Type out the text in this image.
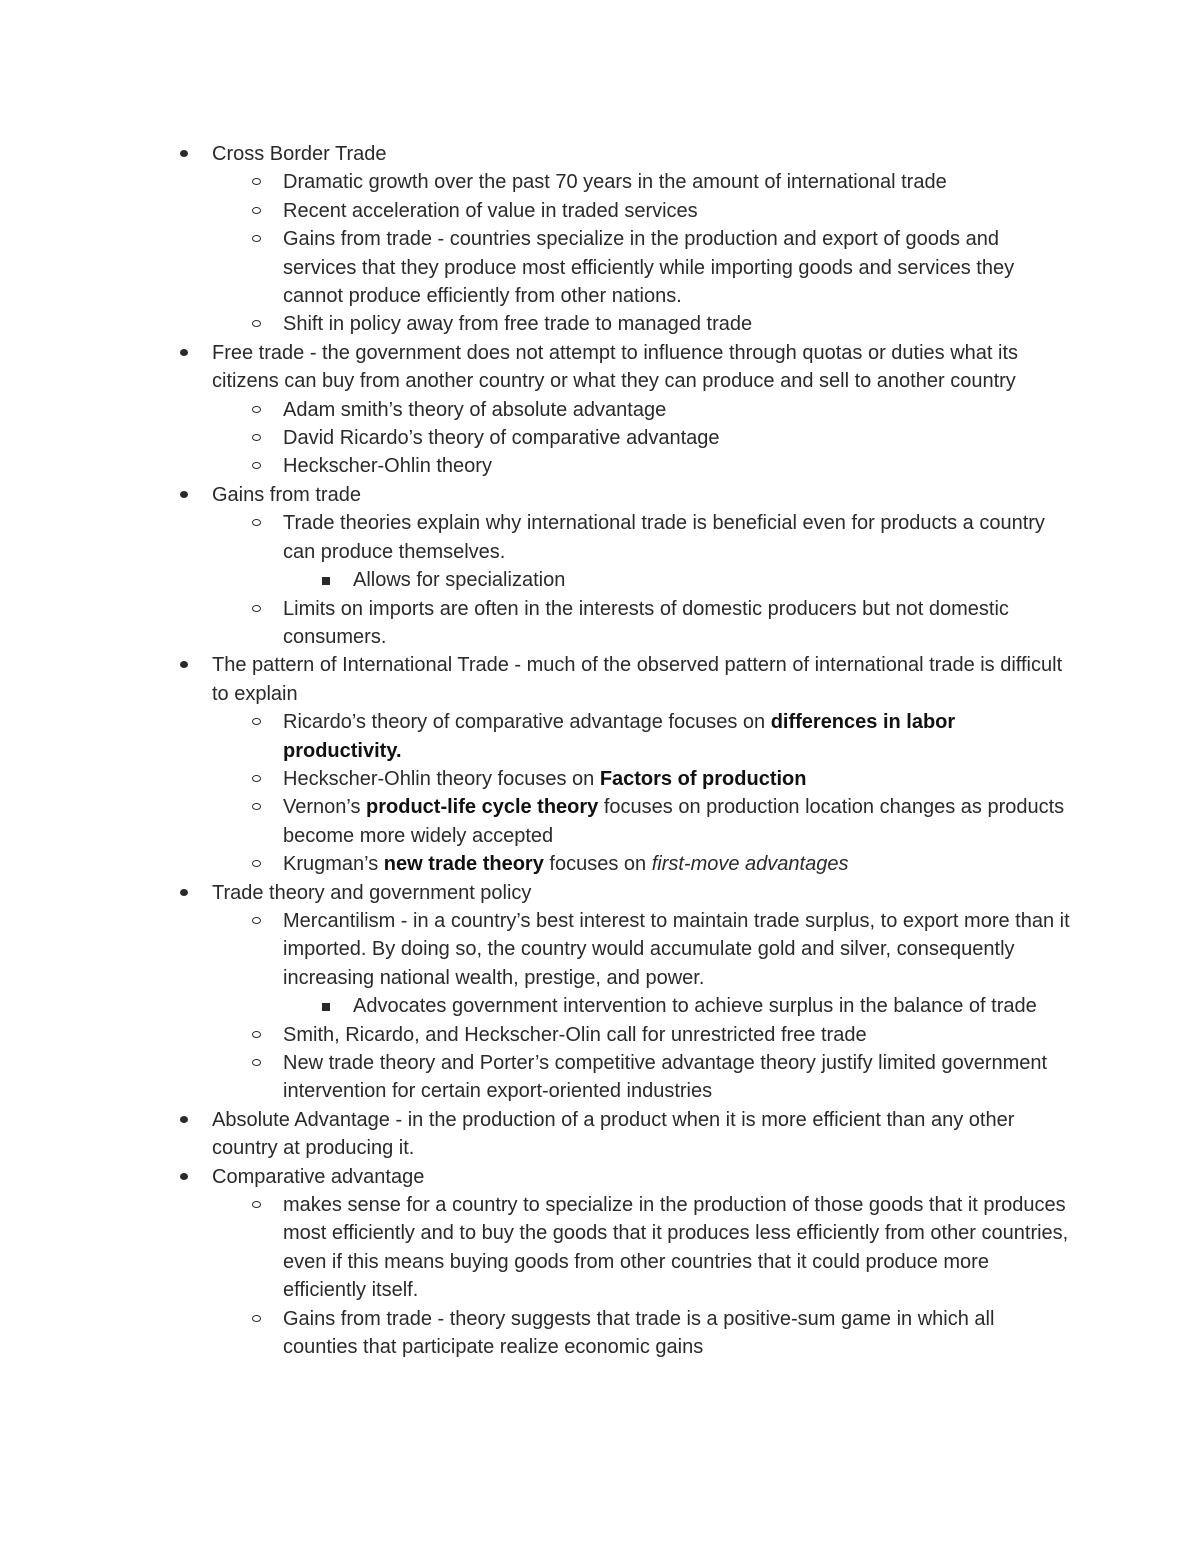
Cross Border Trade
Dramatic growth over the past 70 years in the amount of international trade
Recent acceleration of value in traded services
Gains from trade - countries specialize in the production and export of goods and services that they produce most efficiently while importing goods and services they cannot produce efficiently from other nations.
Shift in policy away from free trade to managed trade
Free trade - the government does not attempt to influence through quotas or duties what its citizens can buy from another country or what they can produce and sell to another country
Adam smith’s theory of absolute advantage
David Ricardo’s theory of comparative advantage
Heckscher-Ohlin theory
Gains from trade
Trade theories explain why international trade is beneficial even for products a country can produce themselves.
Allows for specialization
Limits on imports are often in the interests of domestic producers but not domestic consumers.
The pattern of International Trade - much of the observed pattern of international trade is difficult to explain
Ricardo’s theory of comparative advantage focuses on differences in labor productivity.
Heckscher-Ohlin theory focuses on Factors of production
Vernon’s product-life cycle theory focuses on production location changes as products become more widely accepted
Krugman’s new trade theory focuses on first-move advantages
Trade theory and government policy
Mercantilism - in a country’s best interest to maintain trade surplus, to export more than it imported. By doing so, the country would accumulate gold and silver, consequently increasing national wealth, prestige, and power.
Advocates government intervention to achieve surplus in the balance of trade
Smith, Ricardo, and Heckscher-Olin call for unrestricted free trade
New trade theory and Porter’s competitive advantage theory justify limited government intervention for certain export-oriented industries
Absolute Advantage - in the production of a product when it is more efficient than any other country at producing it.
Comparative advantage
makes sense for a country to specialize in the production of those goods that it produces most efficiently and to buy the goods that it produces less efficiently from other countries, even if this means buying goods from other countries that it could produce more efficiently itself.
Gains from trade - theory suggests that trade is a positive-sum game in which all counties that participate realize economic gains
